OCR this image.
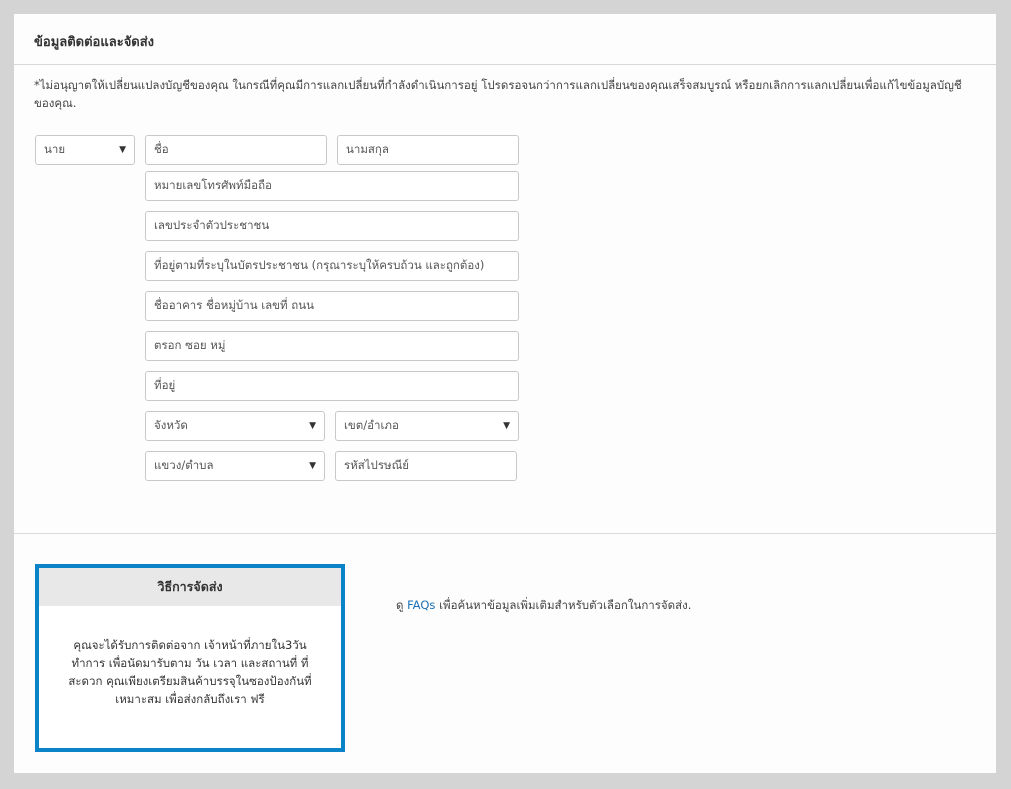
ข้อมูลติดต่อและจัดส่ง
*ไม่อนุญาตให้เปลี่ยนแปลงบัญชีของคุณ ในกรณีที่คุณมีการแลกเปลี่ยนที่กำลังดำเนินการอยู่ โปรดรอจนกว่าการแลกเปลี่ยนของคุณเสร็จสมบูรณ์ หรือยกเลิกการแลกเปลี่ยนเพื่อแก้ไขข้อมูลบัญชีของคุณ.
นาย	▼	ชื่อ	นามสกุล
หมายเลขโทรศัพท์มือถือ
เลขประจำตัวประชาชน
ที่อยู่ตามที่ระบุในบัตรประชาชน (กรุณาระบุให้ครบถ้วน และถูกต้อง)
ชื่ออาคาร ชื่อหมู่บ้าน เลขที่ ถนน
ตรอก ซอย หมู่
ที่อยู่
จังหวัด	▼ เขต/อำเภอ	▼
แขวง/ตำบล	▼	รหัสไปรษณีย์
วิธีการจัดส่ง
คุณจะได้รับการติดต่อจาก เจ้าหน้าที่ภายใน3วันทำการ เพื่อนัดมารับตาม วัน เวลา และสถานที่ ที่สะดวก คุณเพียงเตรียมสินค้าบรรจุในซองป้องกันที่เหมาะสม เพื่อส่งกลับถึงเรา ฟรี
ดู FAQs เพื่อค้นหาข้อมูลเพิ่มเติมสำหรับตัวเลือกในการจัดส่ง.
